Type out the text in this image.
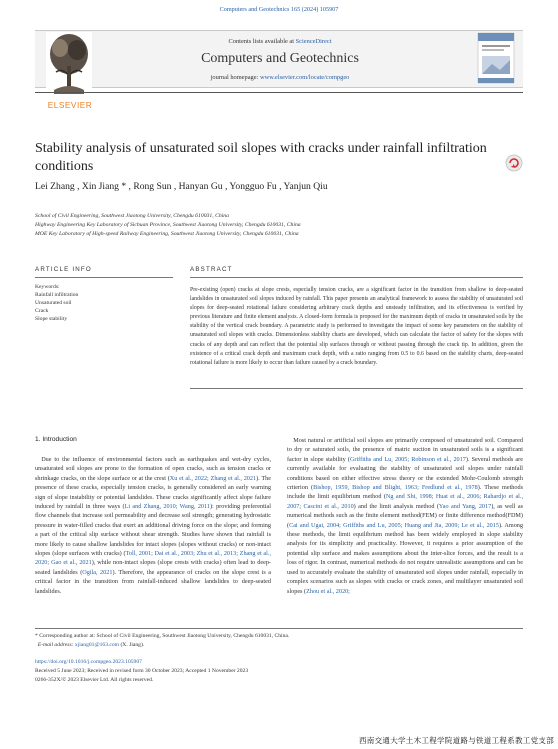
Computers and Geotechnics 165 (2024) 105907
ELSEVIER
Contents lists available at ScienceDirect
Computers and Geotechnics
journal homepage: www.elsevier.com/locate/compgeo
Stability analysis of unsaturated soil slopes with cracks under rainfall infiltration conditions
Lei Zhang , Xin Jiang * , Rong Sun , Hanyan Gu , Yongguo Fu , Yanjun Qiu
School of Civil Engineering, Southwest Jiaotong University, Chengdu 610031, China
Highway Engineering Key Laboratory of Sichuan Province, Southwest Jiaotong University, Chengdu 610031, China
MOE Key Laboratory of High-speed Railway Engineering, Southwest Jiaotong University, Chengdu 610031, China
ARTICLE INFO
Keywords:
Rainfall infiltration
Unsaturated soil
Crack
Slope stability
ABSTRACT
Pre-existing (open) cracks at slope crests, especially tension cracks, are a significant factor in the transition from shallow to deep-seated landslides in unsaturated soil slopes induced by rainfall. This paper presents an analytical framework to assess the stability of unsaturated soil slopes for deep-seated rotational failure considering arbitrary crack depths and unsteady infiltration, and its effectiveness is verified by previous literature and finite element analysis. A closed-form formula is proposed for the maximum depth of cracks in unsaturated soils by the stability of the vertical crack boundary. A parametric study is performed to investigate the impact of some key parameters on the stability of unsaturated soil slopes with cracks. Dimensionless stability charts are developed, which can calculate the factor of safety for the slopes with cracks of any depth and can reflect that the potential slip surfaces through or without passing through the crack tip. In addition, given the existence of a critical crack depth and maximum crack depth, with a ratio ranging from 0.5 to 0.6 based on the stability charts, deep-seated rotational failure is more likely to occur than failure caused by a crack boundary.
1. Introduction
 Due to the influence of environmental factors such as earthquakes and wet-dry cycles, unsaturated soil slopes are prone to the formation of open cracks, such as tension cracks or shrinkage cracks, on the slope surface or at the crest (Xu et al., 2022; Zhang et al., 2021). The presence of these cracks, especially tension cracks, is generally considered an early warning sign of slope instability or potential landslides. These cracks significantly affect slope failure induced by rainfall in three ways (Li and Zhang, 2010; Wang, 2011): providing preferential flow channels that increase soil permeability and decrease soil strength; generating hydrostatic pressure in water-filled cracks that exert an additional driving force on the slope; and forming a part of the critical slip surface without shear strength. Studies have shown that rainfall is more likely to cause shallow landslides for intact slopes (slopes without cracks) or non-intact slopes (slope surfaces with cracks) (Toll, 2001; Dai et al., 2003; Zhu et al., 2013; Zhang et al., 2020; Gao et al., 2021), while non-intact slopes (slope crests with cracks) often lead to deep-seated landslides (Ogila, 2021). Therefore, the appearance of cracks on the slope crest is a critical factor in the transition from rainfall-induced shallow landslides to deep-seated landslides.
 Most natural or artificial soil slopes are primarily composed of unsaturated soil. Compared to dry or saturated soils, the presence of matric suction in unsaturated soils is a significant factor in slope stability (Griffiths and Lu, 2005; Robinson et al., 2017). Several methods are currently available for evaluating the stability of unsaturated soil slopes under rainfall conditions based on either effective stress theory or the extended Mohr-Coulomb strength criterion (Bishop, 1959, Bishop and Blight, 1963; Fredlund et al., 1978). These methods include the limit equilibrium method (Ng and Shi, 1998; Huat et al., 2006; Rahardjo et al., 2007; Cascini et al., 2010) and the limit analysis method (Yao and Yang, 2017), as well as numerical methods such as the finite element method(FEM) or finite difference method(FDM) (Cai and Ugai, 2004; Griffiths and Lu, 2005; Huang and Jia, 2009; Le et al., 2015). Among these methods, the limit equilibrium method has been widely employed in slope stability analysis for its simplicity and practicality. However, it requires a prior assumption of the potential slip surface and makes assumptions about the inter-slice forces, and the result is a loss of rigor. In contrast, numerical methods do not require unrealistic assumptions and can be used to accurately evaluate the stability of unsaturated soil slopes under rainfall, especially in complex scenarios such as slopes with cracks or crack zones, and multilayer unsaturated soil slopes (Zhou et al., 2020;
* Corresponding author at: School of Civil Engineering, Southwest Jiaotong University, Chengdu 610031, China.
 E-mail address: xjiang01@163.com (X. Jiang).
https://doi.org/10.1016/j.compgeo.2023.105907
Received 5 June 2023; Received in revised form 30 October 2023; Accepted 1 November 2023
0266-352X/© 2023 Elsevier Ltd. All rights reserved.
西南交通大学土木工程学院道路与铁道工程系教工党支部
